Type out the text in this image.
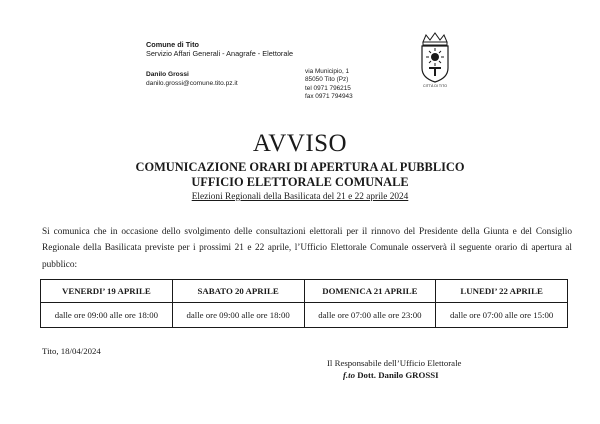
Comune di Tito
Servizio Affari Generali - Anagrafe - Elettorale
Danilo Grossi
danilo.grossi@comune.tito.pz.it
via Municipio, 1
85050 Tito (Pz)
tel 0971 796215
fax 0971 794943
CITTÀ DI TITO
AVVISO
COMUNICAZIONE ORARI DI APERTURA AL PUBBLICO
UFFICIO ELETTORALE COMUNALE
Elezioni Regionali della Basilicata del 21 e 22 aprile 2024
Si comunica che in occasione dello svolgimento delle consultazioni elettorali per il rinnovo del Presidente della Giunta e del Consiglio Regionale della Basilicata previste per i prossimi 21 e 22 aprile, l’Ufficio Elettorale Comunale osserverà il seguente orario di apertura al pubblico:
VENERDI’ 19 APRILE	SABATO 20 APRILE	DOMENICA 21 APRILE	LUNEDI’ 22 APRILE
dalle ore 09:00 alle ore 18:00	dalle ore 09:00 alle ore 18:00	dalle ore 07:00 alle ore 23:00	dalle ore 07:00 alle ore 15:00
Tito, 18/04/2024
Il Responsabile dell’Ufficio Elettorale
f.to Dott. Danilo GROSSI
